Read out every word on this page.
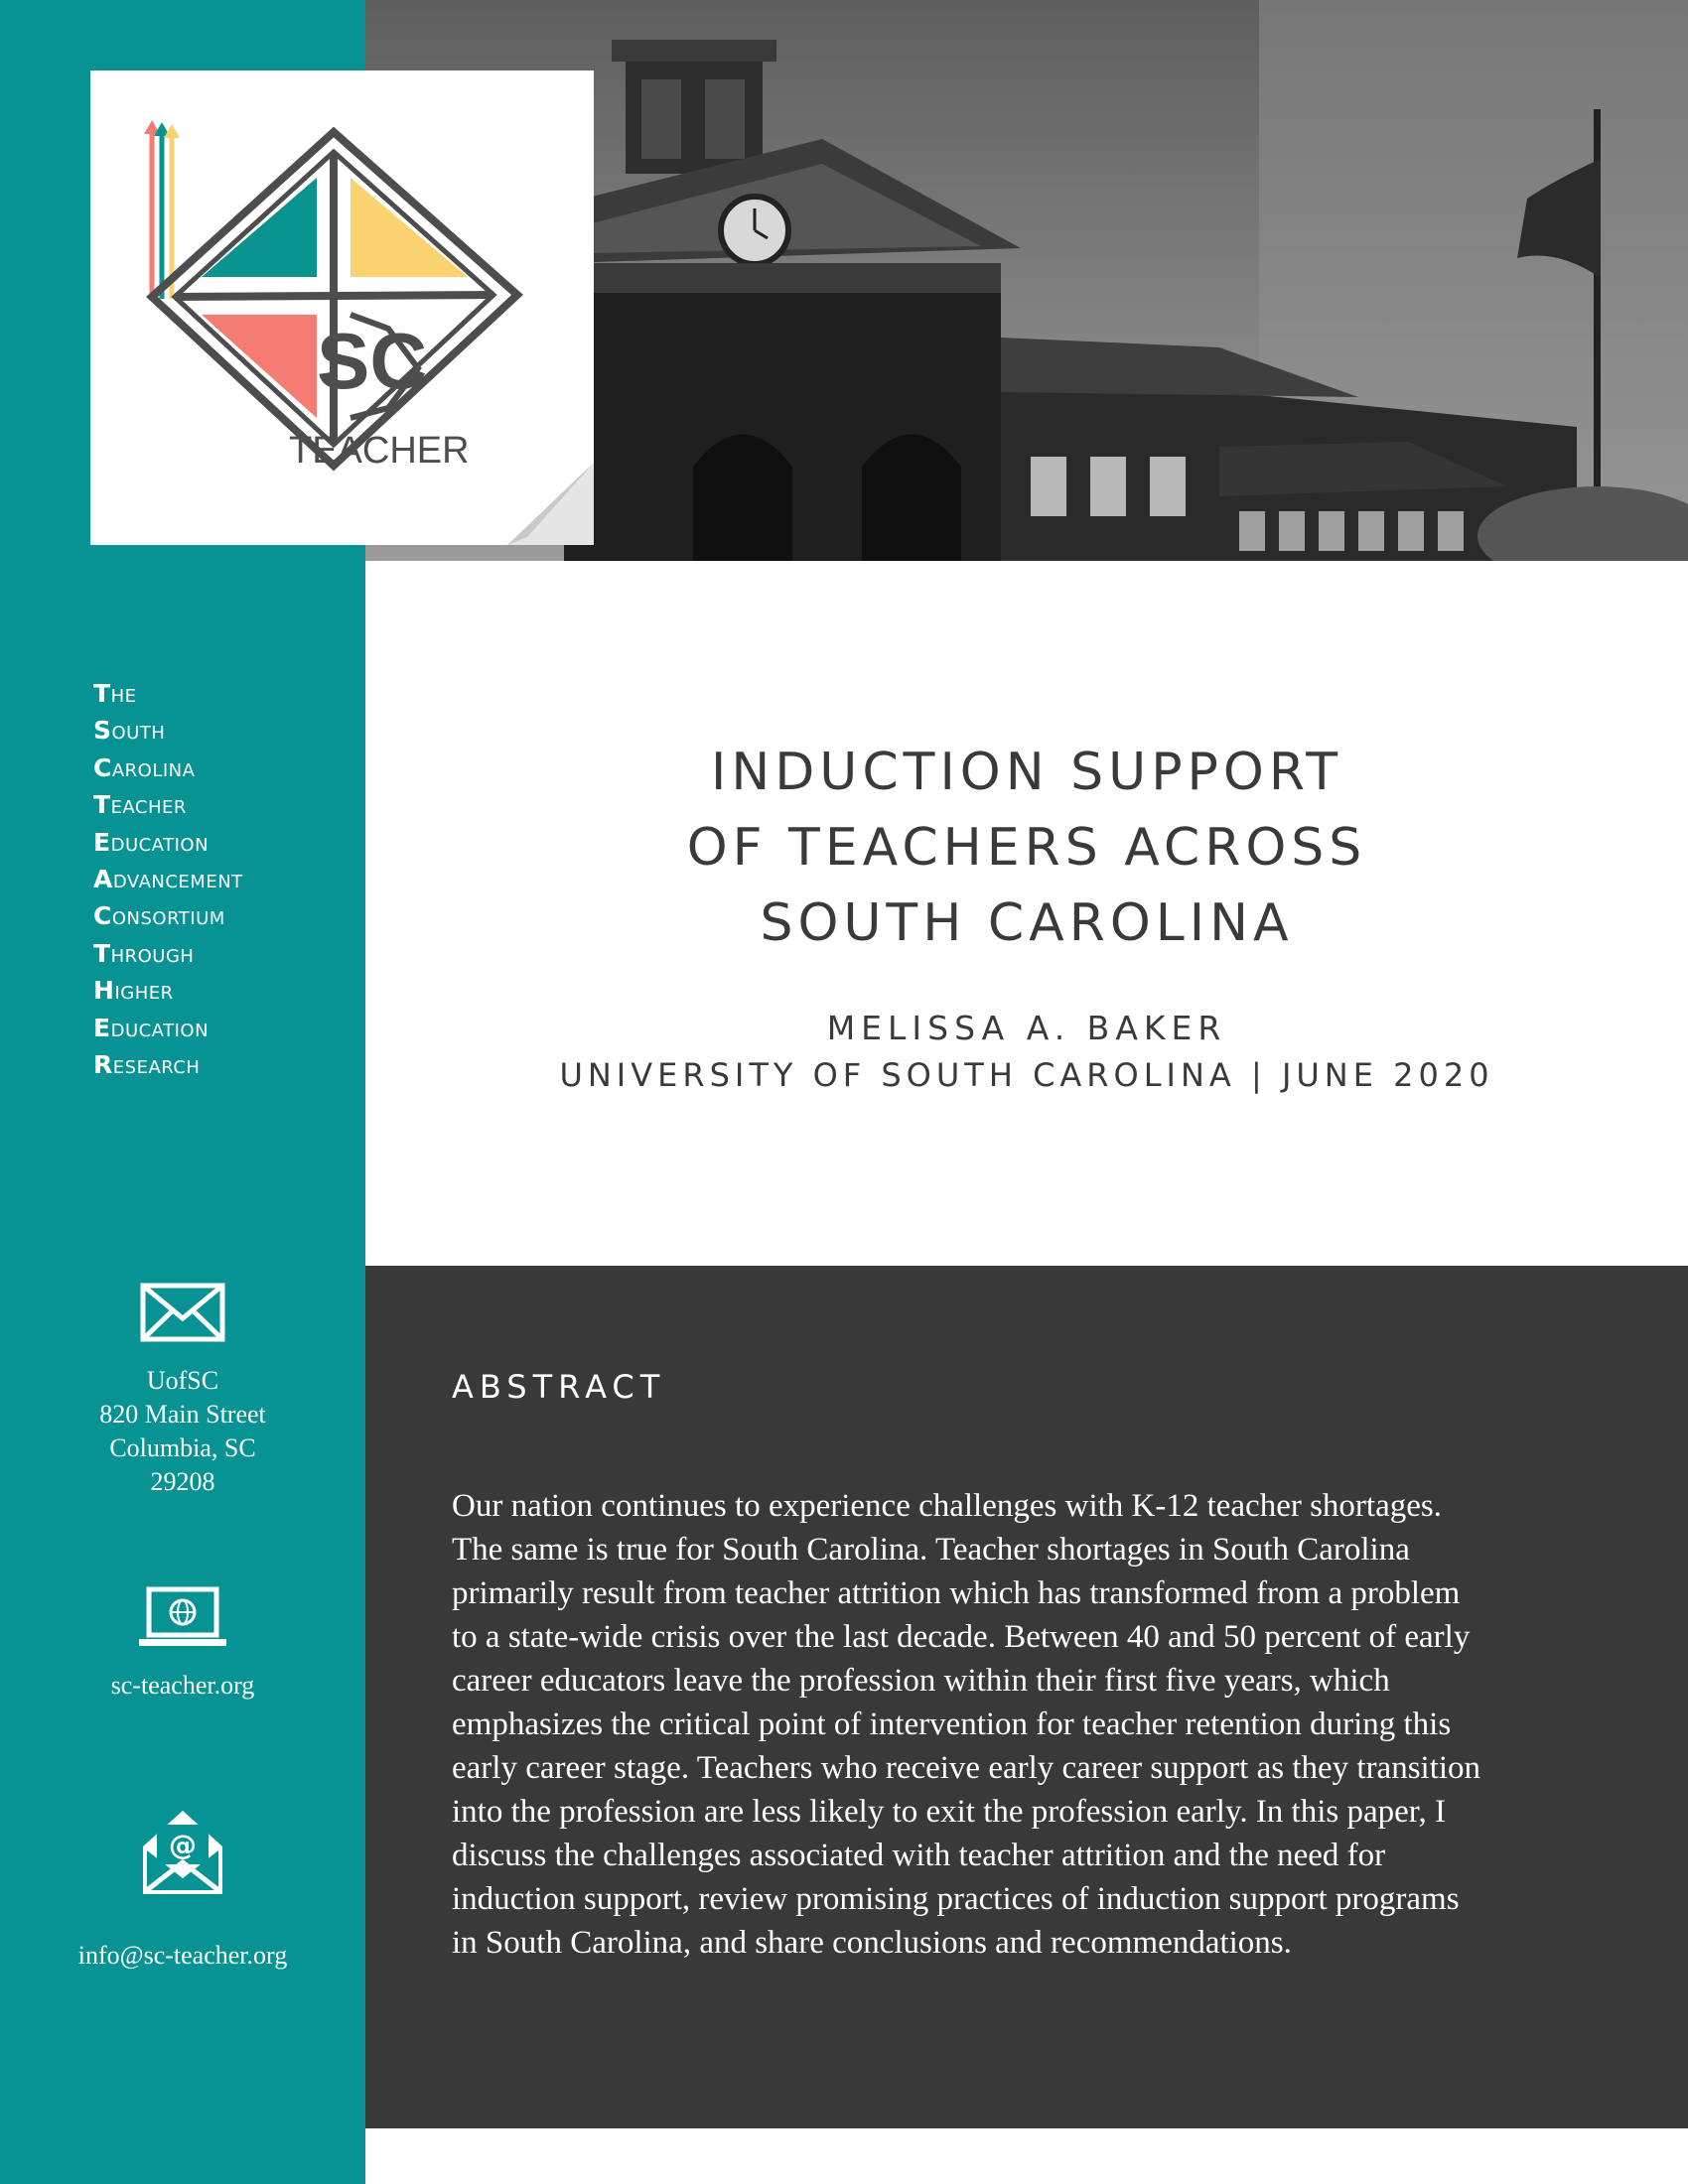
SC
TEACHER
The
South
Carolina
Teacher
Education
Advancement
Consortium
Through
Higher
Education
Research
UofSC
820 Main Street
Columbia, SC
29208
sc-teacher.org
@
info@sc-teacher.org
INDUCTION SUPPORT
OF TEACHERS ACROSS
SOUTH CAROLINA
MELISSA A. BAKER
UNIVERSITY OF SOUTH CAROLINA | JUNE 2020
ABSTRACT
Our nation continues to experience challenges with K-12 teacher shortages.
The same is true for South Carolina. Teacher shortages in South Carolina
primarily result from teacher attrition which has transformed from a problem
to a state-wide crisis over the last decade. Between 40 and 50 percent of early
career educators leave the profession within their first five years, which
emphasizes the critical point of intervention for teacher retention during this
early career stage. Teachers who receive early career support as they transition
into the profession are less likely to exit the profession early. In this paper, I
discuss the challenges associated with teacher attrition and the need for
induction support, review promising practices of induction support programs
in South Carolina, and share conclusions and recommendations.
